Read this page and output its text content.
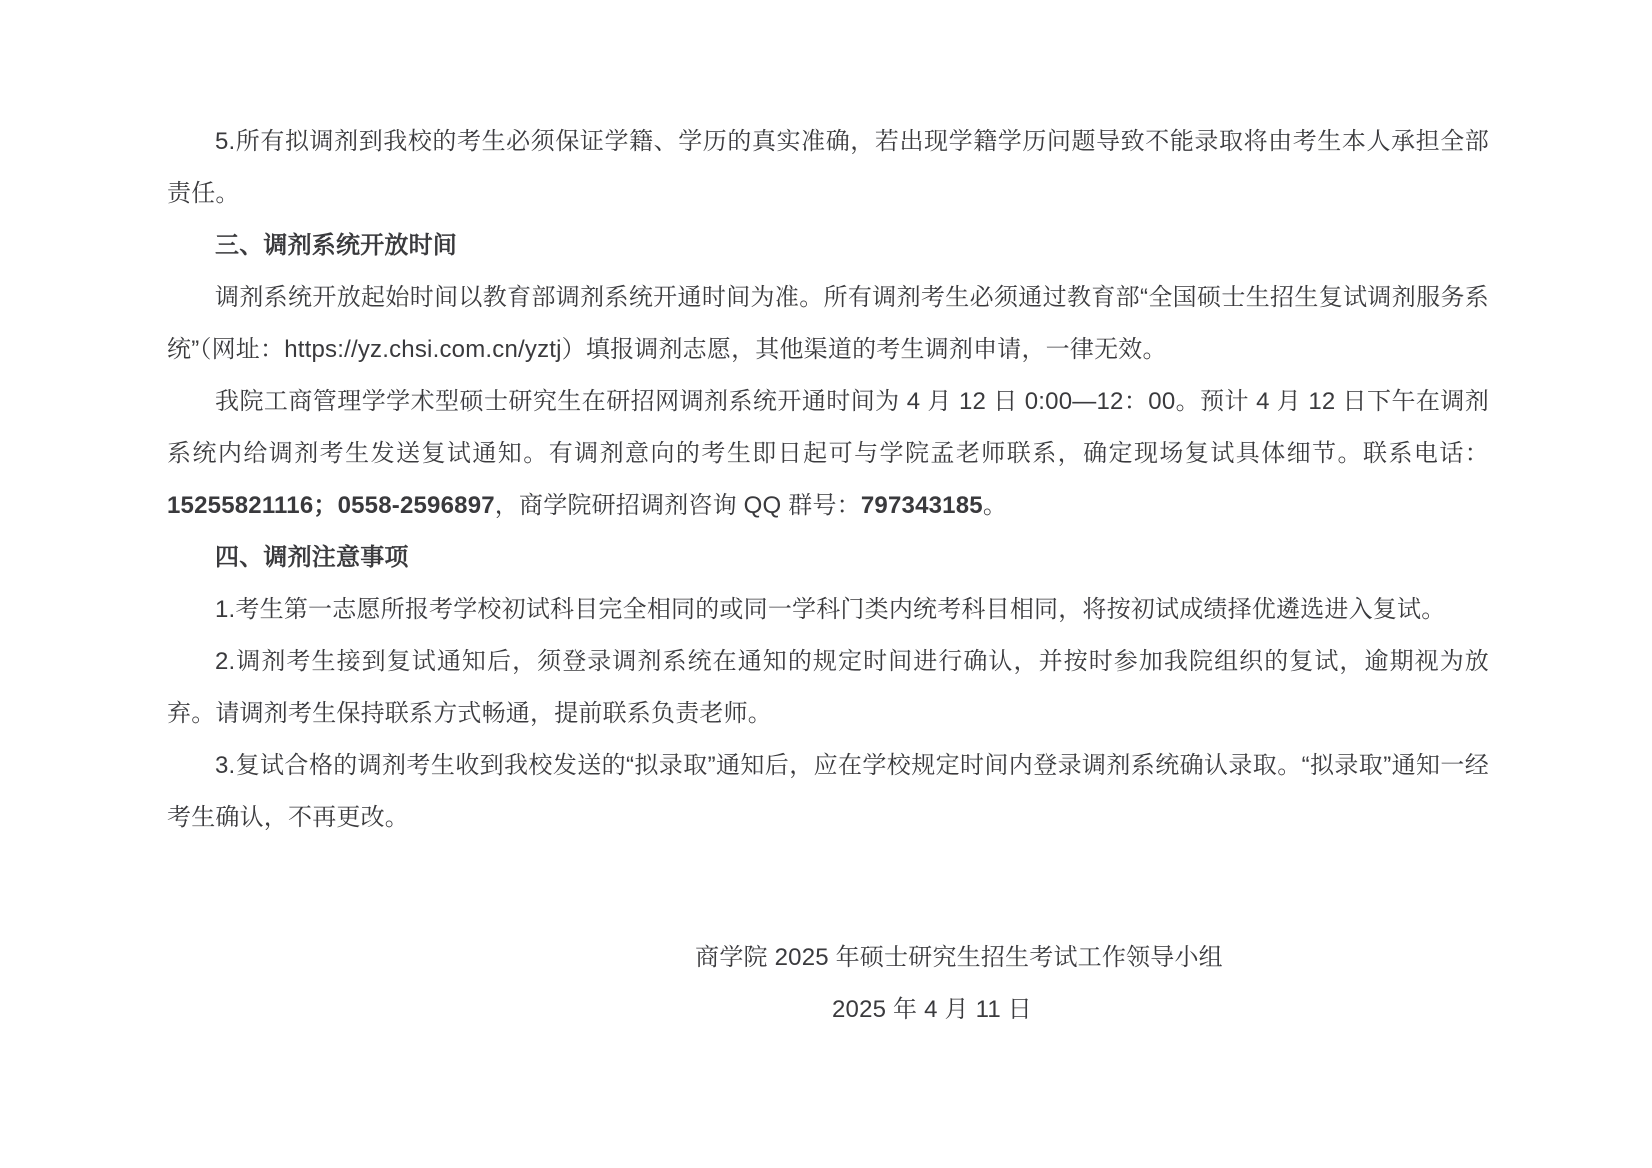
5.所有拟调剂到我校的考生必须保证学籍、学历的真实准确，若出现学籍学历问题导致不能录取将由考生本人承担全部责任。

三、调剂系统开放时间

调剂系统开放起始时间以教育部调剂系统开通时间为准。所有调剂考生必须通过教育部“全国硕士生招生复试调剂服务系统”（网址：https://yz.chsi.com.cn/yztj）填报调剂志愿，其他渠道的考生调剂申请，一律无效。

我院工商管理学学术型硕士研究生在研招网调剂系统开通时间为 4 月 12 日 0:00—12：00。预计 4 月 12 日下午在调剂系统内给调剂考生发送复试通知。有调剂意向的考生即日起可与学院孟老师联系，确定现场复试具体细节。联系电话：15255821116；0558-2596897，商学院研招调剂咨询 QQ 群号：797343185。

四、调剂注意事项

1.考生第一志愿所报考学校初试科目完全相同的或同一学科门类内统考科目相同，将按初试成绩择优遴选进入复试。

2.调剂考生接到复试通知后，须登录调剂系统在通知的规定时间进行确认，并按时参加我院组织的复试，逾期视为放弃。请调剂考生保持联系方式畅通，提前联系负责老师。

3.复试合格的调剂考生收到我校发送的“拟录取”通知后，应在学校规定时间内登录调剂系统确认录取。“拟录取”通知一经考生确认，不再更改。

商学院 2025 年硕士研究生招生考试工作领导小组
2025 年 4 月 11 日
